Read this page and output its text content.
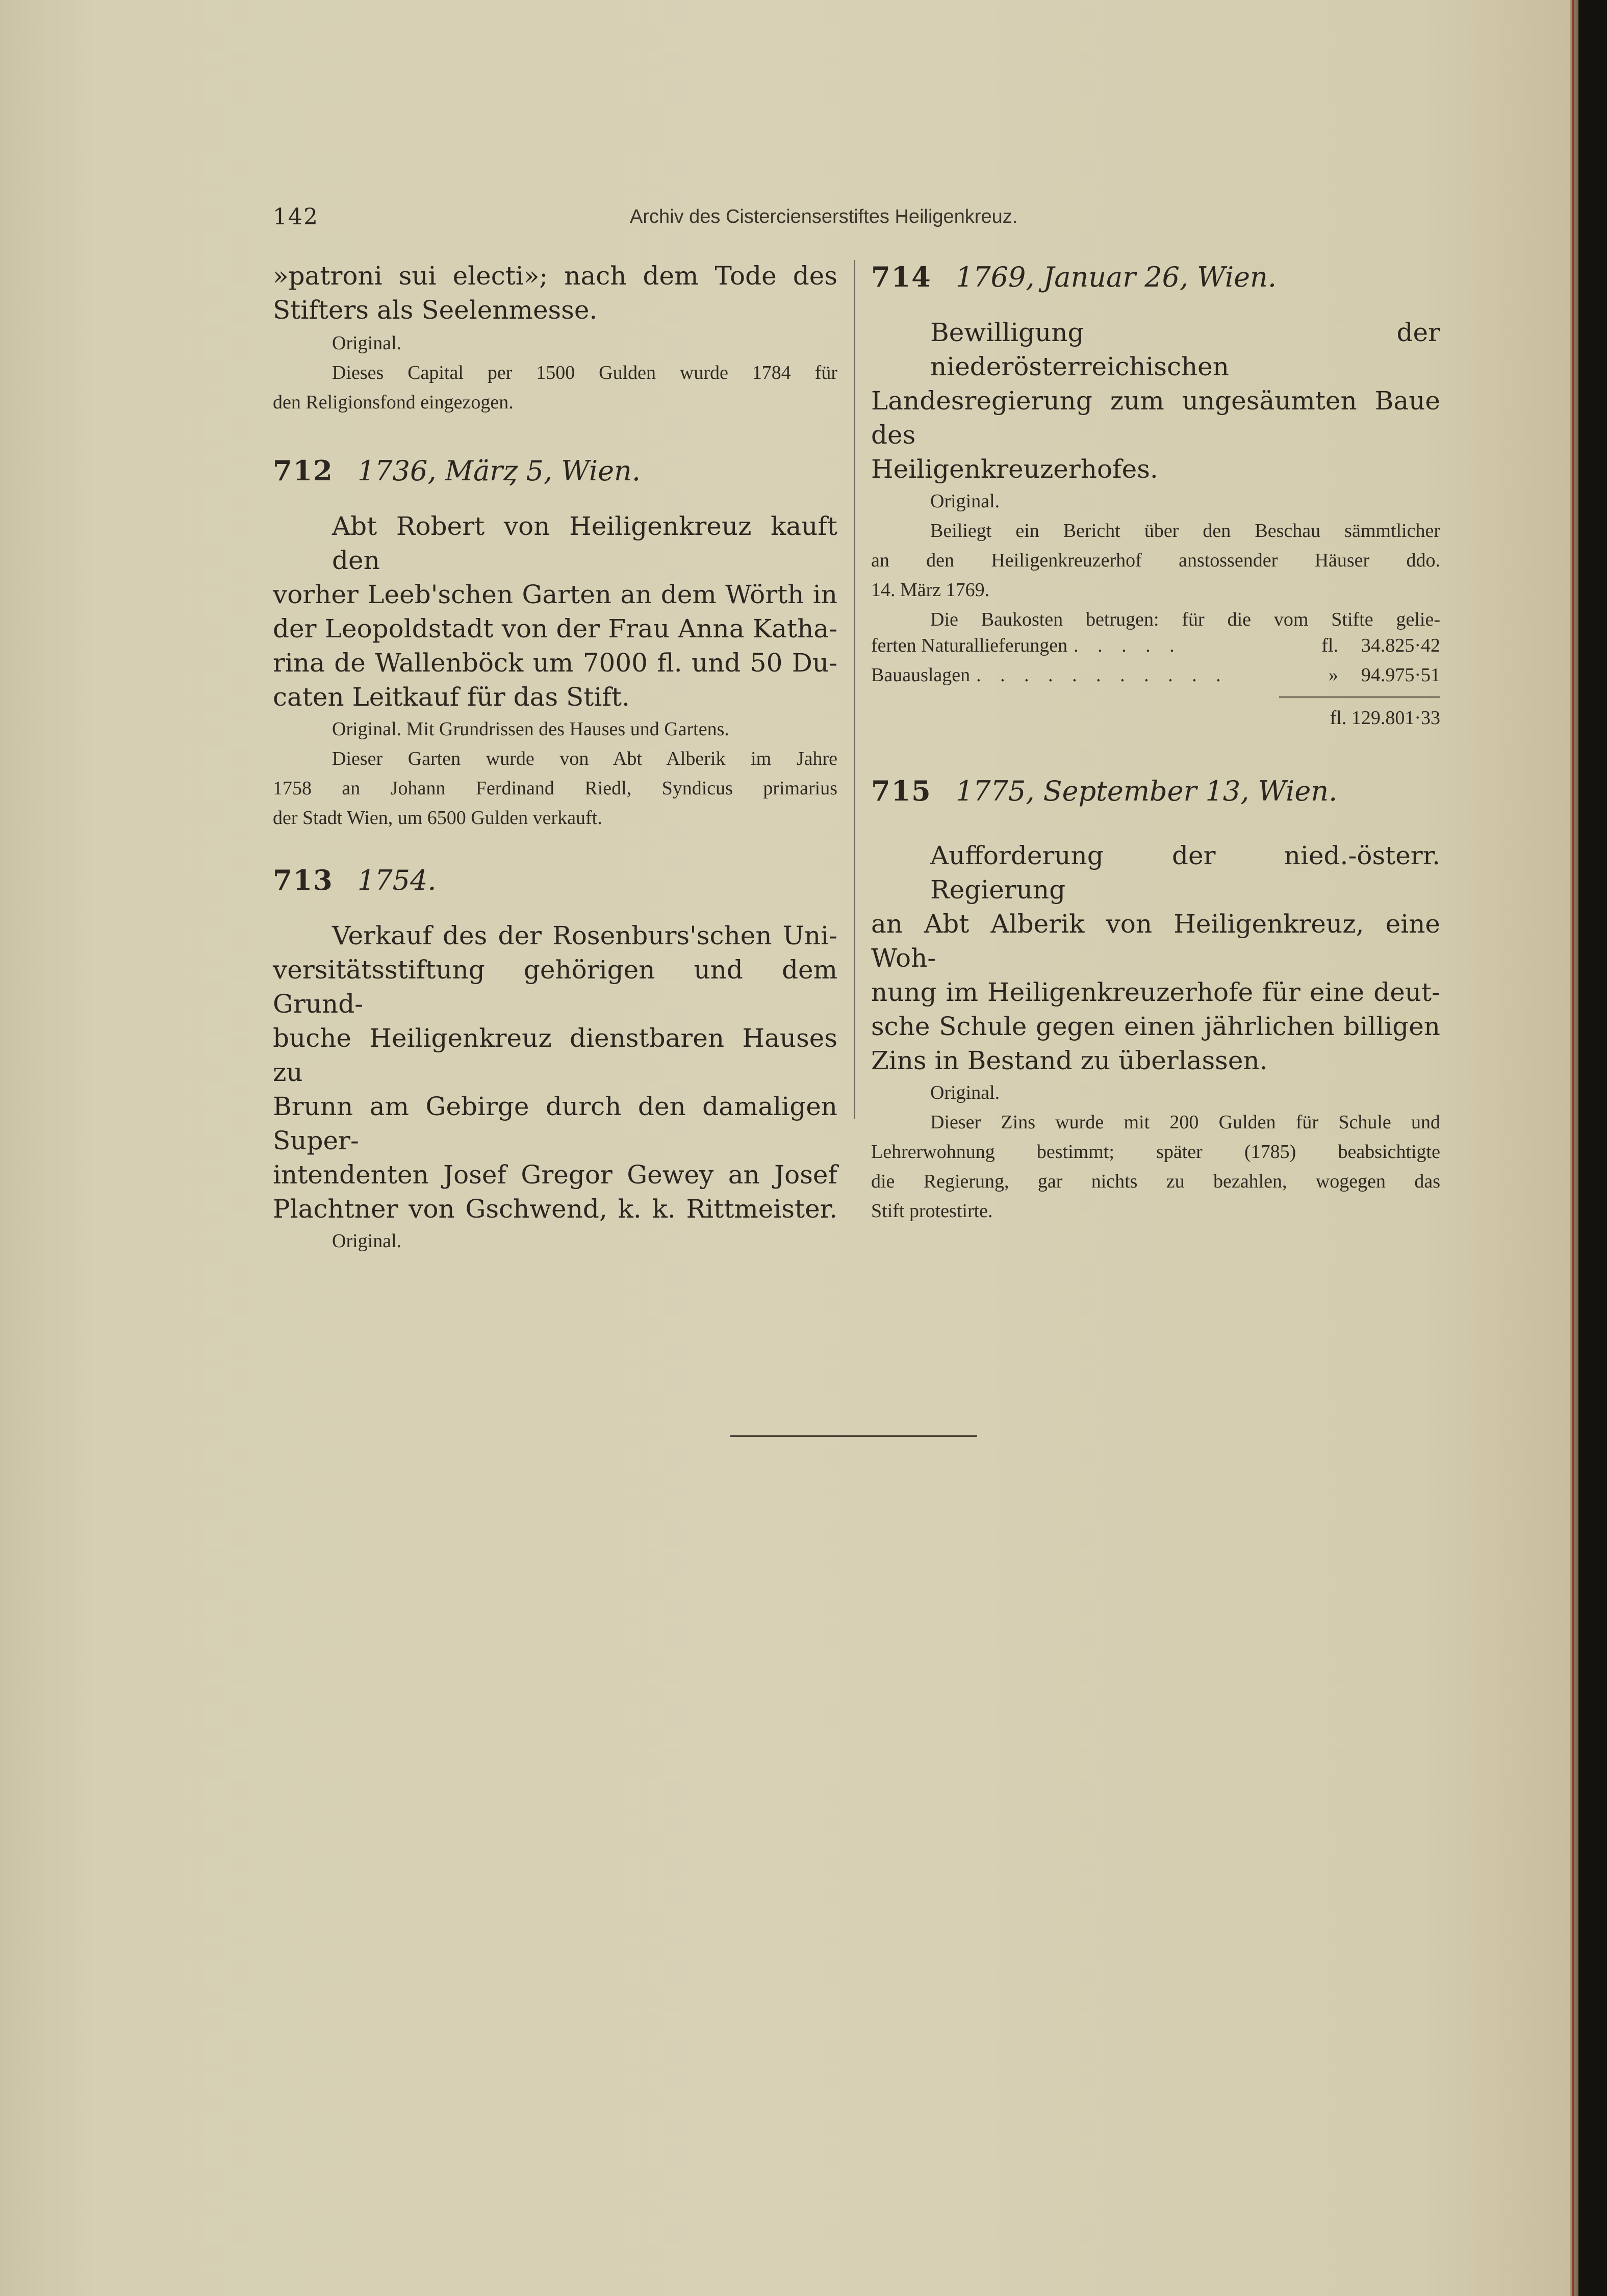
142	Archiv des Cistercienserstiftes Heiligenkreuz.

»patroni sui electi»; nach dem Tode des
Stifters als Seelenmesse.

Original.

Dieses Capital per 1500 Gulden wurde 1784 für
den Religionsfond eingezogen.

712 1736, Märȥ 5, Wien.

Abt Robert von Heiligenkreuz kauft den
vorher Leeb'schen Garten an dem Wörth in
der Leopoldstadt von der Frau Anna Katha-
rina de Wallenböck um 7000 fl. und 50 Du-
caten Leitkauf für das Stift.

Original. Mit Grundrissen des Hauses und Gartens.

Dieser Garten wurde von Abt Alberik im Jahre
1758 an Johann Ferdinand Riedl, Syndicus primarius
der Stadt Wien, um 6500 Gulden verkauft.

713 1754.

Verkauf des der Rosenburs'schen Uni-
versitätsstiftung gehörigen und dem Grund-
buche Heiligenkreuz dienstbaren Hauses zu
Brunn am Gebirge durch den damaligen Super-
intendenten Josef Gregor Gewey an Josef
Plachtner von Gschwend, k. k. Rittmeister.

Original.

714 1769, Januar 26, Wien.

Bewilligung der niederösterreichischen
Landesregierung zum ungesäumten Baue des
Heiligenkreuzerhofes.

Original.

Beiliegt ein Bericht über den Beschau sämmtlicher
an den Heiligenkreuzerhof anstossender Häuser ddo.
14. März 1769.

Die Baukosten betrugen: für die vom Stifte gelie-
ferten Naturallieferungen . . . . .	fl.	34.825·42
Bauauslagen . . . . . . . . . . .	»	94.975·51
fl. 129.801·33

715 1775, September 13, Wien.

Aufforderung der nied.-österr. Regierung
an Abt Alberik von Heiligenkreuz, eine Woh-
nung im Heiligenkreuzerhofe für eine deut-
sche Schule gegen einen jährlichen billigen
Zins in Bestand zu überlassen.

Original.

Dieser Zins wurde mit 200 Gulden für Schule und
Lehrerwohnung bestimmt; später (1785) beabsichtigte
die Regierung, gar nichts zu bezahlen, wogegen das
Stift protestirte.
